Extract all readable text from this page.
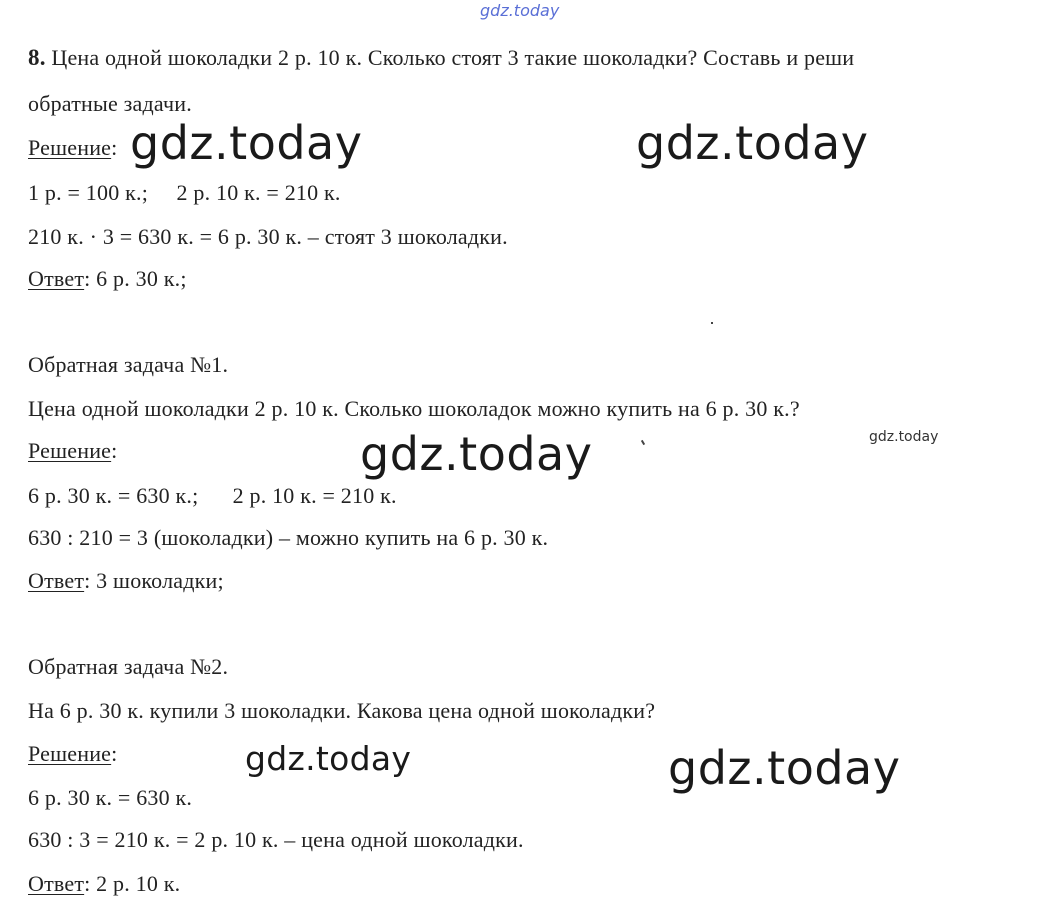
gdz.today
gdz.today	gdz.today
gdz.today	gdz.today
gdz.today	gdz.today
8. Цена одной шоколадки 2 р. 10 к. Сколько стоят 3 такие шоколадки? Составь и реши
обратные задачи.
Решение:
1 р. = 100 к.;     2 р. 10 к. = 210 к.
210 к. · 3 = 630 к. = 6 р. 30 к. – стоят 3 шоколадки.
Ответ: 6 р. 30 к.;
Обратная задача №1.
Цена одной шоколадки 2 р. 10 к. Сколько шоколадок можно купить на 6 р. 30 к.?
Решение:
6 р. 30 к. = 630 к.;      2 р. 10 к. = 210 к.
630 : 210 = 3 (шоколадки) – можно купить на 6 р. 30 к.
Ответ: 3 шоколадки;
Обратная задача №2.
На 6 р. 30 к. купили 3 шоколадки. Какова цена одной шоколадки?
Решение:
6 р. 30 к. = 630 к.
630 : 3 = 210 к. = 2 р. 10 к. – цена одной шоколадки.
Ответ: 2 р. 10 к.
